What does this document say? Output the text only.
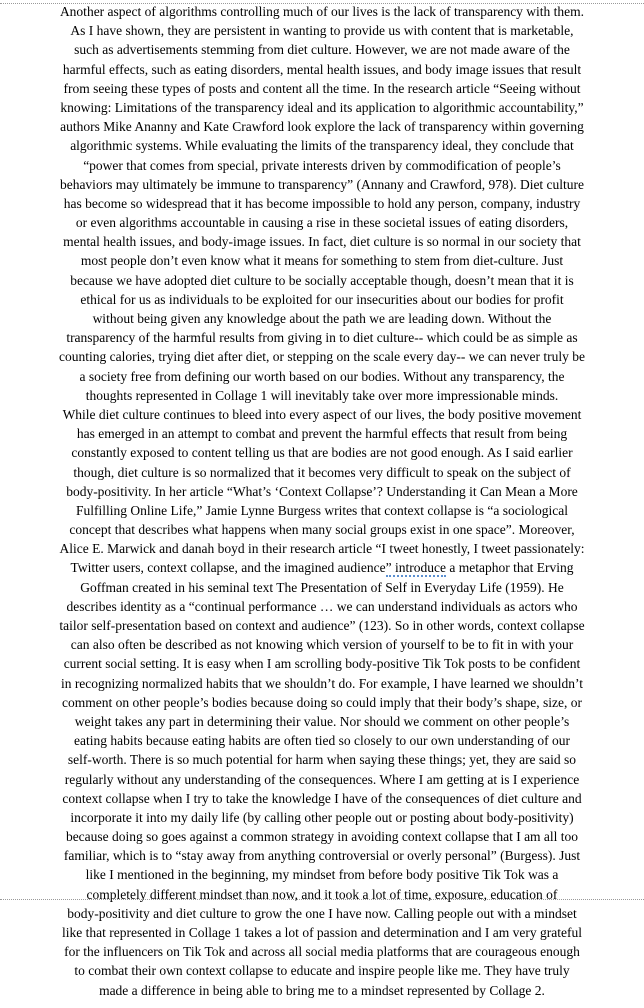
Another aspect of algorithms controlling much of our lives is the lack of transparency with them.
As I have shown, they are persistent in wanting to provide us with content that is marketable,
such as advertisements stemming from diet culture. However, we are not made aware of the
harmful effects, such as eating disorders, mental health issues, and body image issues that result
from seeing these types of posts and content all the time. In the research article “Seeing without
knowing: Limitations of the transparency ideal and its application to algorithmic accountability,”
authors Mike Ananny and Kate Crawford look explore the lack of transparency within governing
algorithmic systems. While evaluating the limits of the transparency ideal, they conclude that
“power that comes from special, private interests driven by commodification of people’s
behaviors may ultimately be immune to transparency” (Annany and Crawford, 978). Diet culture
has become so widespread that it has become impossible to hold any person, company, industry
or even algorithms accountable in causing a rise in these societal issues of eating disorders,
mental health issues, and body-image issues. In fact, diet culture is so normal in our society that
most people don’t even know what it means for something to stem from diet-culture. Just
because we have adopted diet culture to be socially acceptable though, doesn’t mean that it is
ethical for us as individuals to be exploited for our insecurities about our bodies for profit
without being given any knowledge about the path we are leading down. Without the
transparency of the harmful results from giving in to diet culture-- which could be as simple as
counting calories, trying diet after diet, or stepping on the scale every day-- we can never truly be
a society free from defining our worth based on our bodies. Without any transparency, the
thoughts represented in Collage 1 will inevitably take over more impressionable minds.
While diet culture continues to bleed into every aspect of our lives, the body positive movement
has emerged in an attempt to combat and prevent the harmful effects that result from being
constantly exposed to content telling us that are bodies are not good enough. As I said earlier
though, diet culture is so normalized that it becomes very difficult to speak on the subject of
body-positivity. In her article “What’s ‘Context Collapse’? Understanding it Can Mean a More
Fulfilling Online Life,” Jamie Lynne Burgess writes that context collapse is “a sociological
concept that describes what happens when many social groups exist in one space”. Moreover,
Alice E. Marwick and danah boyd in their research article “I tweet honestly, I tweet passionately:
Twitter users, context collapse, and the imagined audience” introduce a metaphor that Erving
Goffman created in his seminal text The Presentation of Self in Everyday Life (1959). He
describes identity as a “continual performance … we can understand individuals as actors who
tailor self-presentation based on context and audience” (123). So in other words, context collapse
can also often be described as not knowing which version of yourself to be to fit in with your
current social setting. It is easy when I am scrolling body-positive Tik Tok posts to be confident
in recognizing normalized habits that we shouldn’t do. For example, I have learned we shouldn’t
comment on other people’s bodies because doing so could imply that their body’s shape, size, or
weight takes any part in determining their value. Nor should we comment on other people’s
eating habits because eating habits are often tied so closely to our own understanding of our
self-worth. There is so much potential for harm when saying these things; yet, they are said so
regularly without any understanding of the consequences. Where I am getting at is I experience
context collapse when I try to take the knowledge I have of the consequences of diet culture and
incorporate it into my daily life (by calling other people out or posting about body-positivity)
because doing so goes against a common strategy in avoiding context collapse that I am all too
familiar, which is to “stay away from anything controversial or overly personal” (Burgess). Just
like I mentioned in the beginning, my mindset from before body positive Tik Tok was a
completely different mindset than now, and it took a lot of time, exposure, education of
body-positivity and diet culture to grow the one I have now. Calling people out with a mindset
like that represented in Collage 1 takes a lot of passion and determination and I am very grateful
for the influencers on Tik Tok and across all social media platforms that are courageous enough
to combat their own context collapse to educate and inspire people like me. They have truly
made a difference in being able to bring me to a mindset represented by Collage 2.
